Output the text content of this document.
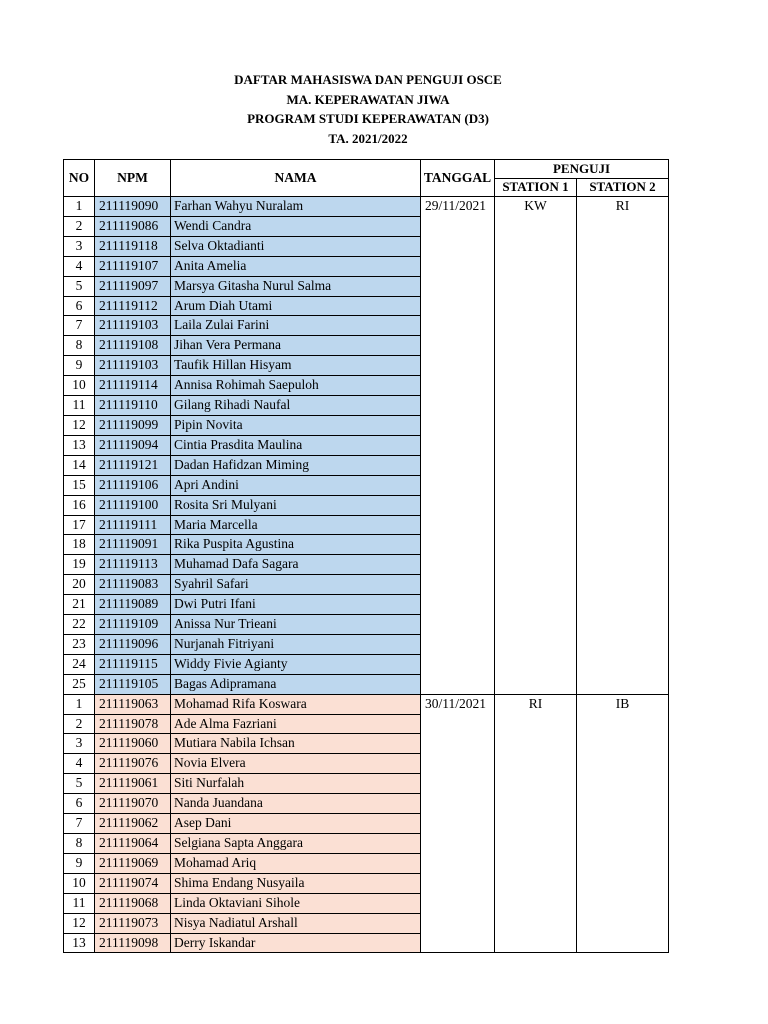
DAFTAR MAHASISWA DAN PENGUJI OSCE
MA. KEPERAWATAN JIWA
PROGRAM STUDI KEPERAWATAN (D3)
TA. 2021/2022
NO	NPM	NAMA	TANGGAL	PENGUJI	
				STATION 1	STATION 2
1	211119090	Farhan Wahyu Nuralam	29/11/2021	KW	RI
2	211119086	Wendi Candra			
3	211119118	Selva Oktadianti			
4	211119107	Anita Amelia			
5	211119097	Marsya Gitasha Nurul Salma			
6	211119112	Arum Diah Utami			
7	211119103	Laila Zulai Farini			
8	211119108	Jihan Vera Permana			
9	211119103	Taufik Hillan Hisyam			
10	211119114	Annisa Rohimah Saepuloh			
11	211119110	Gilang Rihadi Naufal			
12	211119099	Pipin Novita			
13	211119094	Cintia Prasdita Maulina			
14	211119121	Dadan Hafidzan Miming			
15	211119106	Apri Andini			
16	211119100	Rosita Sri Mulyani			
17	211119111	Maria Marcella			
18	211119091	Rika Puspita Agustina			
19	211119113	Muhamad Dafa Sagara			
20	211119083	Syahril Safari			
21	211119089	Dwi Putri Ifani			
22	211119109	Anissa Nur Trieani			
23	211119096	Nurjanah Fitriyani			
24	211119115	Widdy Fivie Agianty			
25	211119105	Bagas Adipramana			
1	211119063	Mohamad Rifa Koswara	30/11/2021	RI	IB
2	211119078	Ade Alma Fazriani			
3	211119060	Mutiara Nabila Ichsan			
4	211119076	Novia Elvera			
5	211119061	Siti Nurfalah			
6	211119070	Nanda Juandana			
7	211119062	Asep Dani			
8	211119064	Selgiana Sapta Anggara			
9	211119069	Mohamad Ariq			
10	211119074	Shima Endang Nusyaila			
11	211119068	Linda Oktaviani Sihole			
12	211119073	Nisya Nadiatul Arshall			
13	211119098	Derry Iskandar			
